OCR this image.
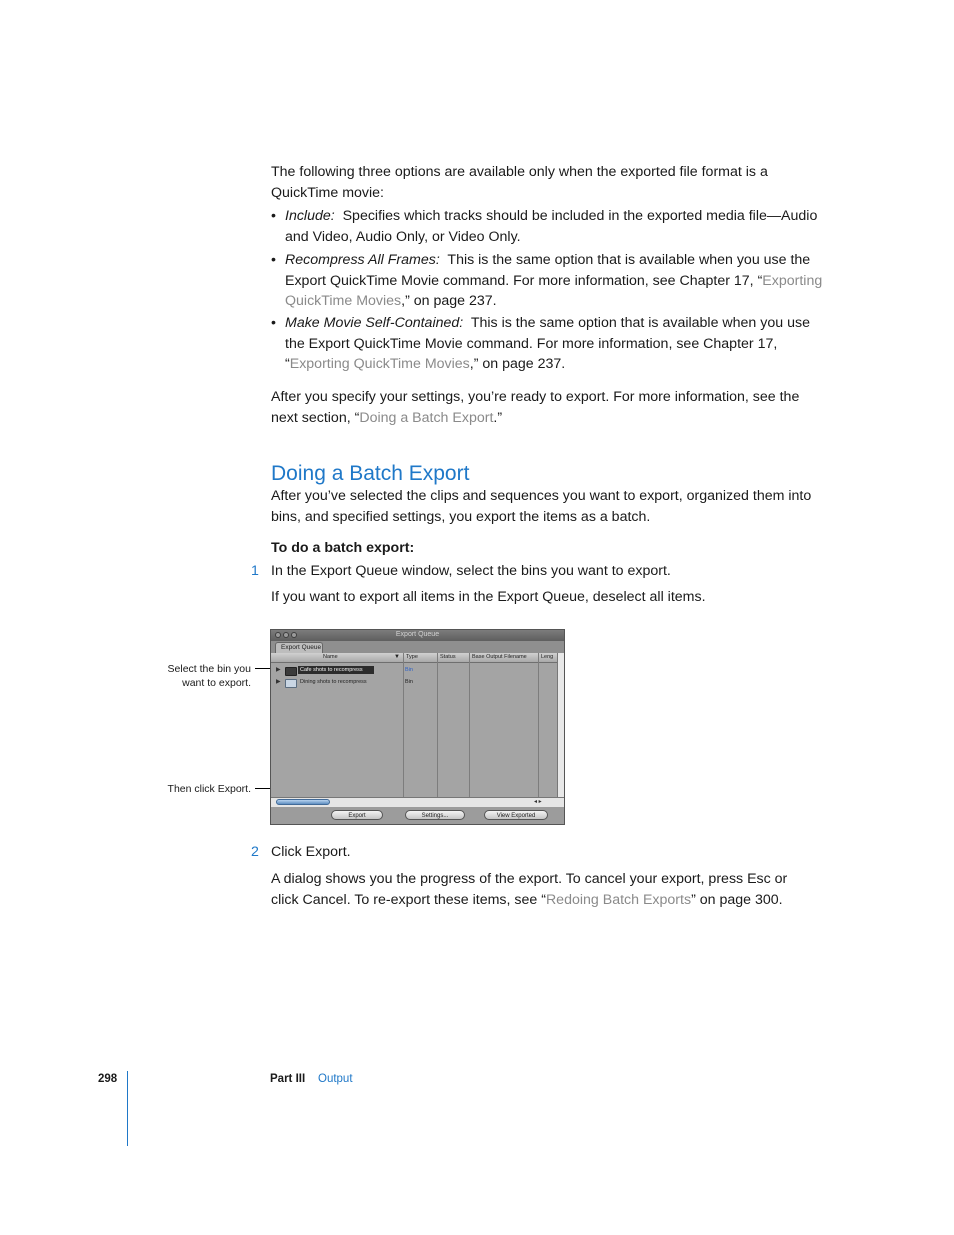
The following three options are available only when the exported file format is a
QuickTime movie:
• Include:  Specifies which tracks should be included in the exported media file—Audio
and Video, Audio Only, or Video Only.
• Recompress All Frames:  This is the same option that is available when you use the
Export QuickTime Movie command. For more information, see Chapter 17, “Exporting
QuickTime Movies,” on page 237.
• Make Movie Self-Contained:  This is the same option that is available when you use
the Export QuickTime Movie command. For more information, see Chapter 17,
“Exporting QuickTime Movies,” on page 237.
After you specify your settings, you’re ready to export. For more information, see the
next section, “Doing a Batch Export.”
Doing a Batch Export
After you’ve selected the clips and sequences you want to export, organized them into
bins, and specified settings, you export the items as a batch.
To do a batch export:
1 In the Export Queue window, select the bins you want to export.
If you want to export all items in the Export Queue, deselect all items.
Select the bin you
want to export.
Then click Export.
Export Queue
Export Queue
Name	▼ Type	Status	Base Output Filename	Leng
▶	Cafe shots to recompress	Bin
▶	Dining shots to recompress	Bin
◂ ▸
Export	Settings...	View Exported
2 Click Export.
A dialog shows you the progress of the export. To cancel your export, press Esc or
click Cancel. To re-export these items, see “Redoing Batch Exports” on page 300.
298	Part III Output
